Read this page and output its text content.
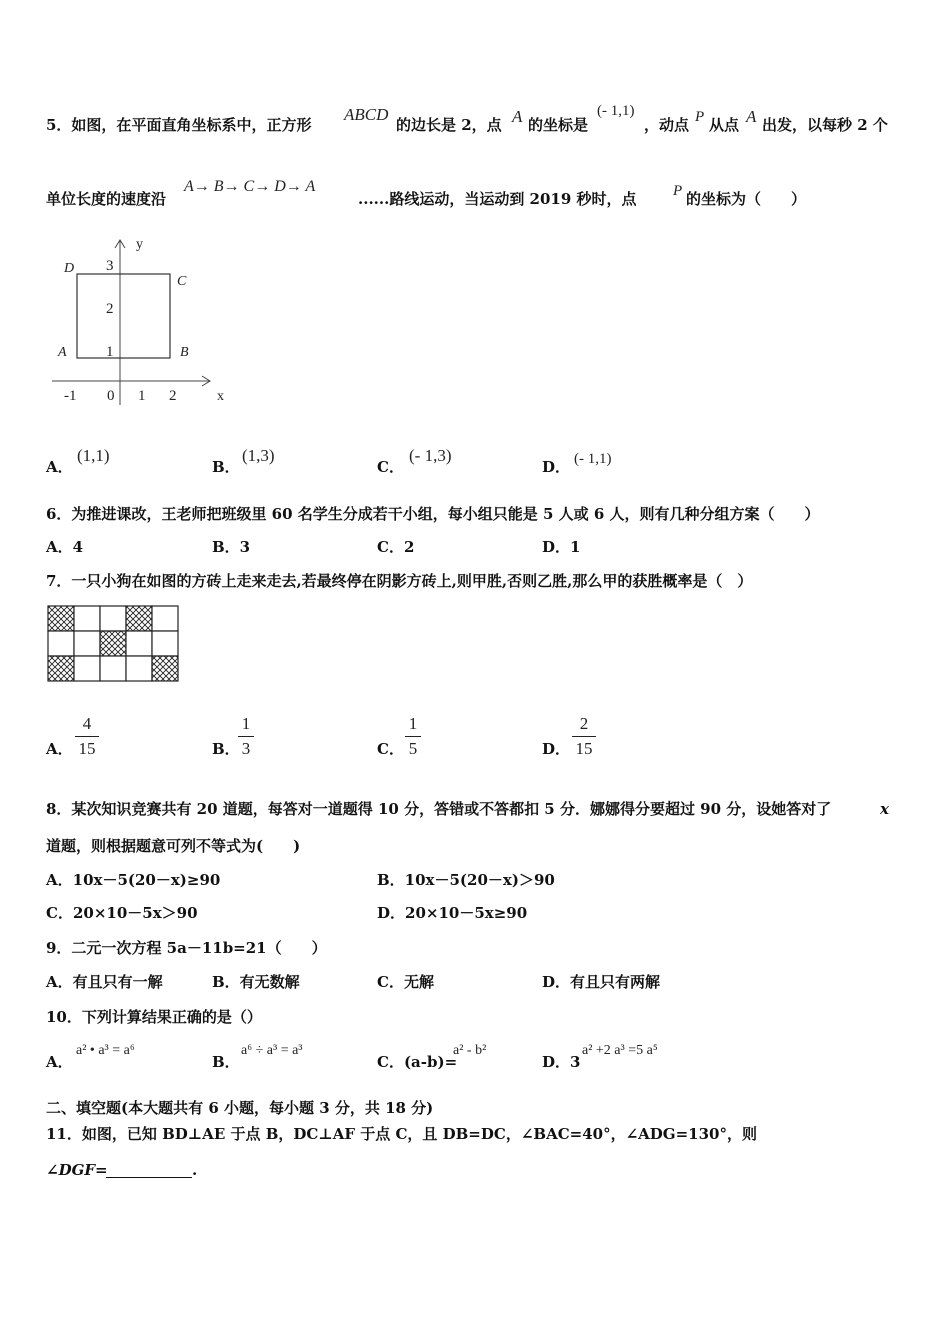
5．如图，在平面直角坐标系中，正方形
ABCD
的边长是 2，点 A 的坐标是
(- 1,1)
，动点 P 从点 A 出发，以每秒 2 个
单位长度的速度沿
A→ B→ C→ D→ A
......路线运动，当运动到 2019 秒时，点 P 的坐标为（　　）
y
x
D
C
A	B
3
2
1
-1 0 1 2
A．
(1,1)
B．
(1,3)
C．
(- 1,3)
D． (- 1,1)
6．为推进课改，王老师把班级里 60 名学生分成若干小组，每小组只能是 5 人或 6 人，则有几种分组方案（　　）
A．4	B．3	C．2	D．1
7．一只小狗在如图的方砖上走来走去,若最终停在阴影方砖上,则甲胜,否则乙胜,那么甲的获胜概率是（　）
A．
4
15	B．
1
3	C．
1
5	D．
2
15
8．某次知识竞赛共有 20 道题，每答对一道题得 10 分，答错或不答都扣 5 分．娜娜得分要超过 90 分，设她答对了	x
道题，则根据题意可列不等式为(　　)
A．10x－5(20－x)≥90	B．10x－5(20－x)＞90
C．20×10－5x＞90	D．20×10－5x≥90
9．二元一次方程 5a－11b=21（　　）
A．有且只有一解	B．有无数解	C．无解	D．有且只有两解
10．下列计算结果正确的是（）
A．
a² • a³ = a⁶
B．
a⁶ ÷ a³ = a³
C．(a-b)=
a² - b²
D．3
a² +2 a³ =5 a⁵
二、填空题(本大题共有 6 小题，每小题 3 分，共 18 分)
11．如图，已知 BD⊥AE 于点 B，DC⊥AF 于点 C，且 DB=DC，∠BAC=40°，∠ADG=130°，则
∠DGF=	.
